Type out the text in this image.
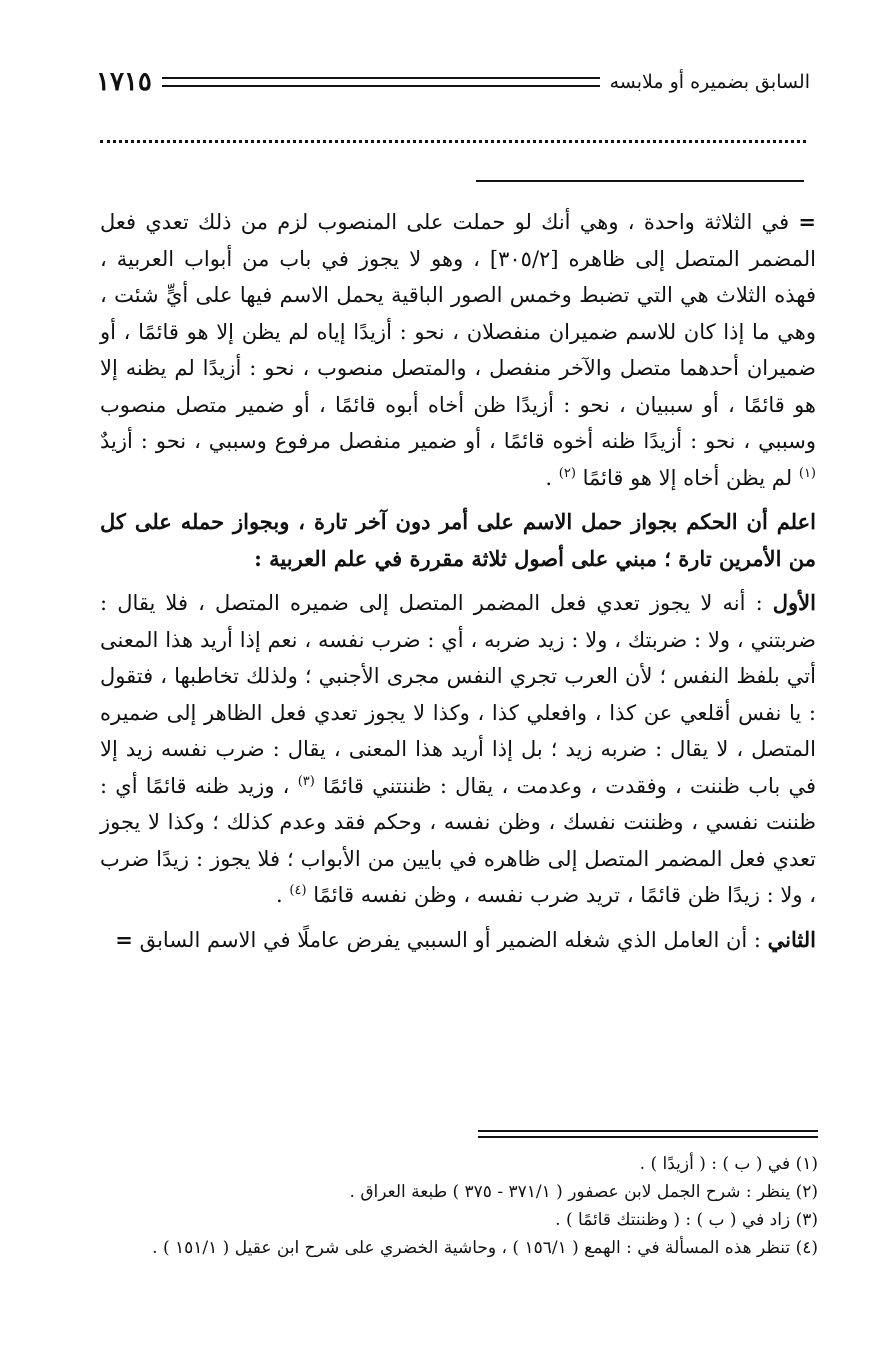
السابق بضميره أو ملابسه
١٧١٥

= في الثلاثة واحدة ، وهي أنك لو حملت على المنصوب لزم من ذلك تعدي فعل المضمر المتصل إلى ظاهره [٣٠٥/٢] ، وهو لا يجوز في باب من أبواب العربية ، فهذه الثلاث هي التي تضبط وخمس الصور الباقية يحمل الاسم فيها على أيٍّ شئت ، وهي ما إذا كان للاسم ضميران منفصلان ، نحو : أزيدًا إياه لم يظن إلا هو قائمًا ، أو ضميران أحدهما متصل والآخر منفصل ، والمتصل منصوب ، نحو : أزيدًا لم يظنه إلا هو قائمًا ، أو سببيان ، نحو : أزيدًا ظن أخاه أبوه قائمًا ، أو ضمير متصل منصوب وسببي ، نحو : أزيدًا ظنه أخوه قائمًا ، أو ضمير منفصل مرفوع وسببي ، نحو : أزيدٌ $^{(١)}$ لم يظن أخاه إلا هو قائمًا $^{(٢)}$ .

اعلم أن الحكم بجواز حمل الاسم على أمر دون آخر تارة ، وبجواز حمله على كل من الأمرين تارة ؛ مبني على أصول ثلاثة مقررة في علم العربية :

الأول : أنه لا يجوز تعدي فعل المضمر المتصل إلى ضميره المتصل ، فلا يقال : ضربتني ، ولا : ضربتك ، ولا : زيد ضربه ، أي : ضرب نفسه ، نعم إذا أريد هذا المعنى أتي بلفظ النفس ؛ لأن العرب تجري النفس مجرى الأجنبي ؛ ولذلك تخاطبها ، فتقول : يا نفس أقلعي عن كذا ، وافعلي كذا ، وكذا لا يجوز تعدي فعل الظاهر إلى ضميره المتصل ، لا يقال : ضربه زيد ؛ بل إذا أريد هذا المعنى ، يقال : ضرب نفسه زيد إلا في باب ظننت ، وفقدت ، وعدمت ، يقال : ظننتني قائمًا $^{(٣)}$ ، وزيد ظنه قائمًا أي : ظننت نفسي ، وظننت نفسك ، وظن نفسه ، وحكم فقد وعدم كذلك ؛ وكذا لا يجوز تعدي فعل المضمر المتصل إلى ظاهره في بايين من الأبواب ؛ فلا يجوز : زيدًا ضرب ، ولا : زيدًا ظن قائمًا ، تريد ضرب نفسه ، وظن نفسه قائمًا $^{(٤)}$ .

الثاني : أن العامل الذي شغله الضمير أو السببي يفرض عاملًا في الاسم السابق =

(١) في ( ب ) : ( أزيدًا ) .

(٢) ينظر : شرح الجمل لابن عصفور ( ٣٧١/١ - ٣٧٥ ) طبعة العراق .

(٣) زاد في ( ب ) : ( وظننتك قائمًا ) .

(٤) تنظر هذه المسألة في : الهمع ( ١٥٦/١ ) ، وحاشية الخضري على شرح ابن عقيل ( ١٥١/١ ) .
